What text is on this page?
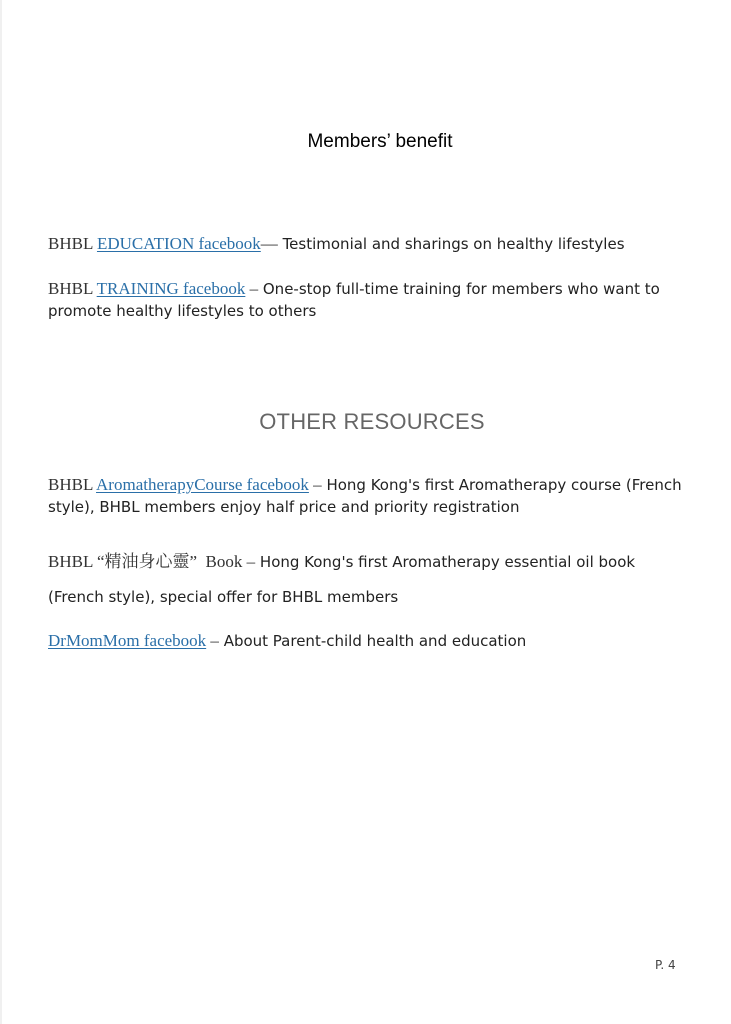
Members’ benefit
BHBL EDUCATION facebook— Testimonial and sharings on healthy lifestyles
BHBL TRAINING facebook – One-stop full-time training for members who want to promote healthy lifestyles to others
OTHER RESOURCES
BHBL AromatherapyCourse facebook – Hong Kong's first Aromatherapy course (French style), BHBL members enjoy half price and priority registration
BHBL “精油身心靈”  Book – Hong Kong's first Aromatherapy essential oil book
(French style), special offer for BHBL members
DrMomMom facebook – About Parent-child health and education
P. 4
